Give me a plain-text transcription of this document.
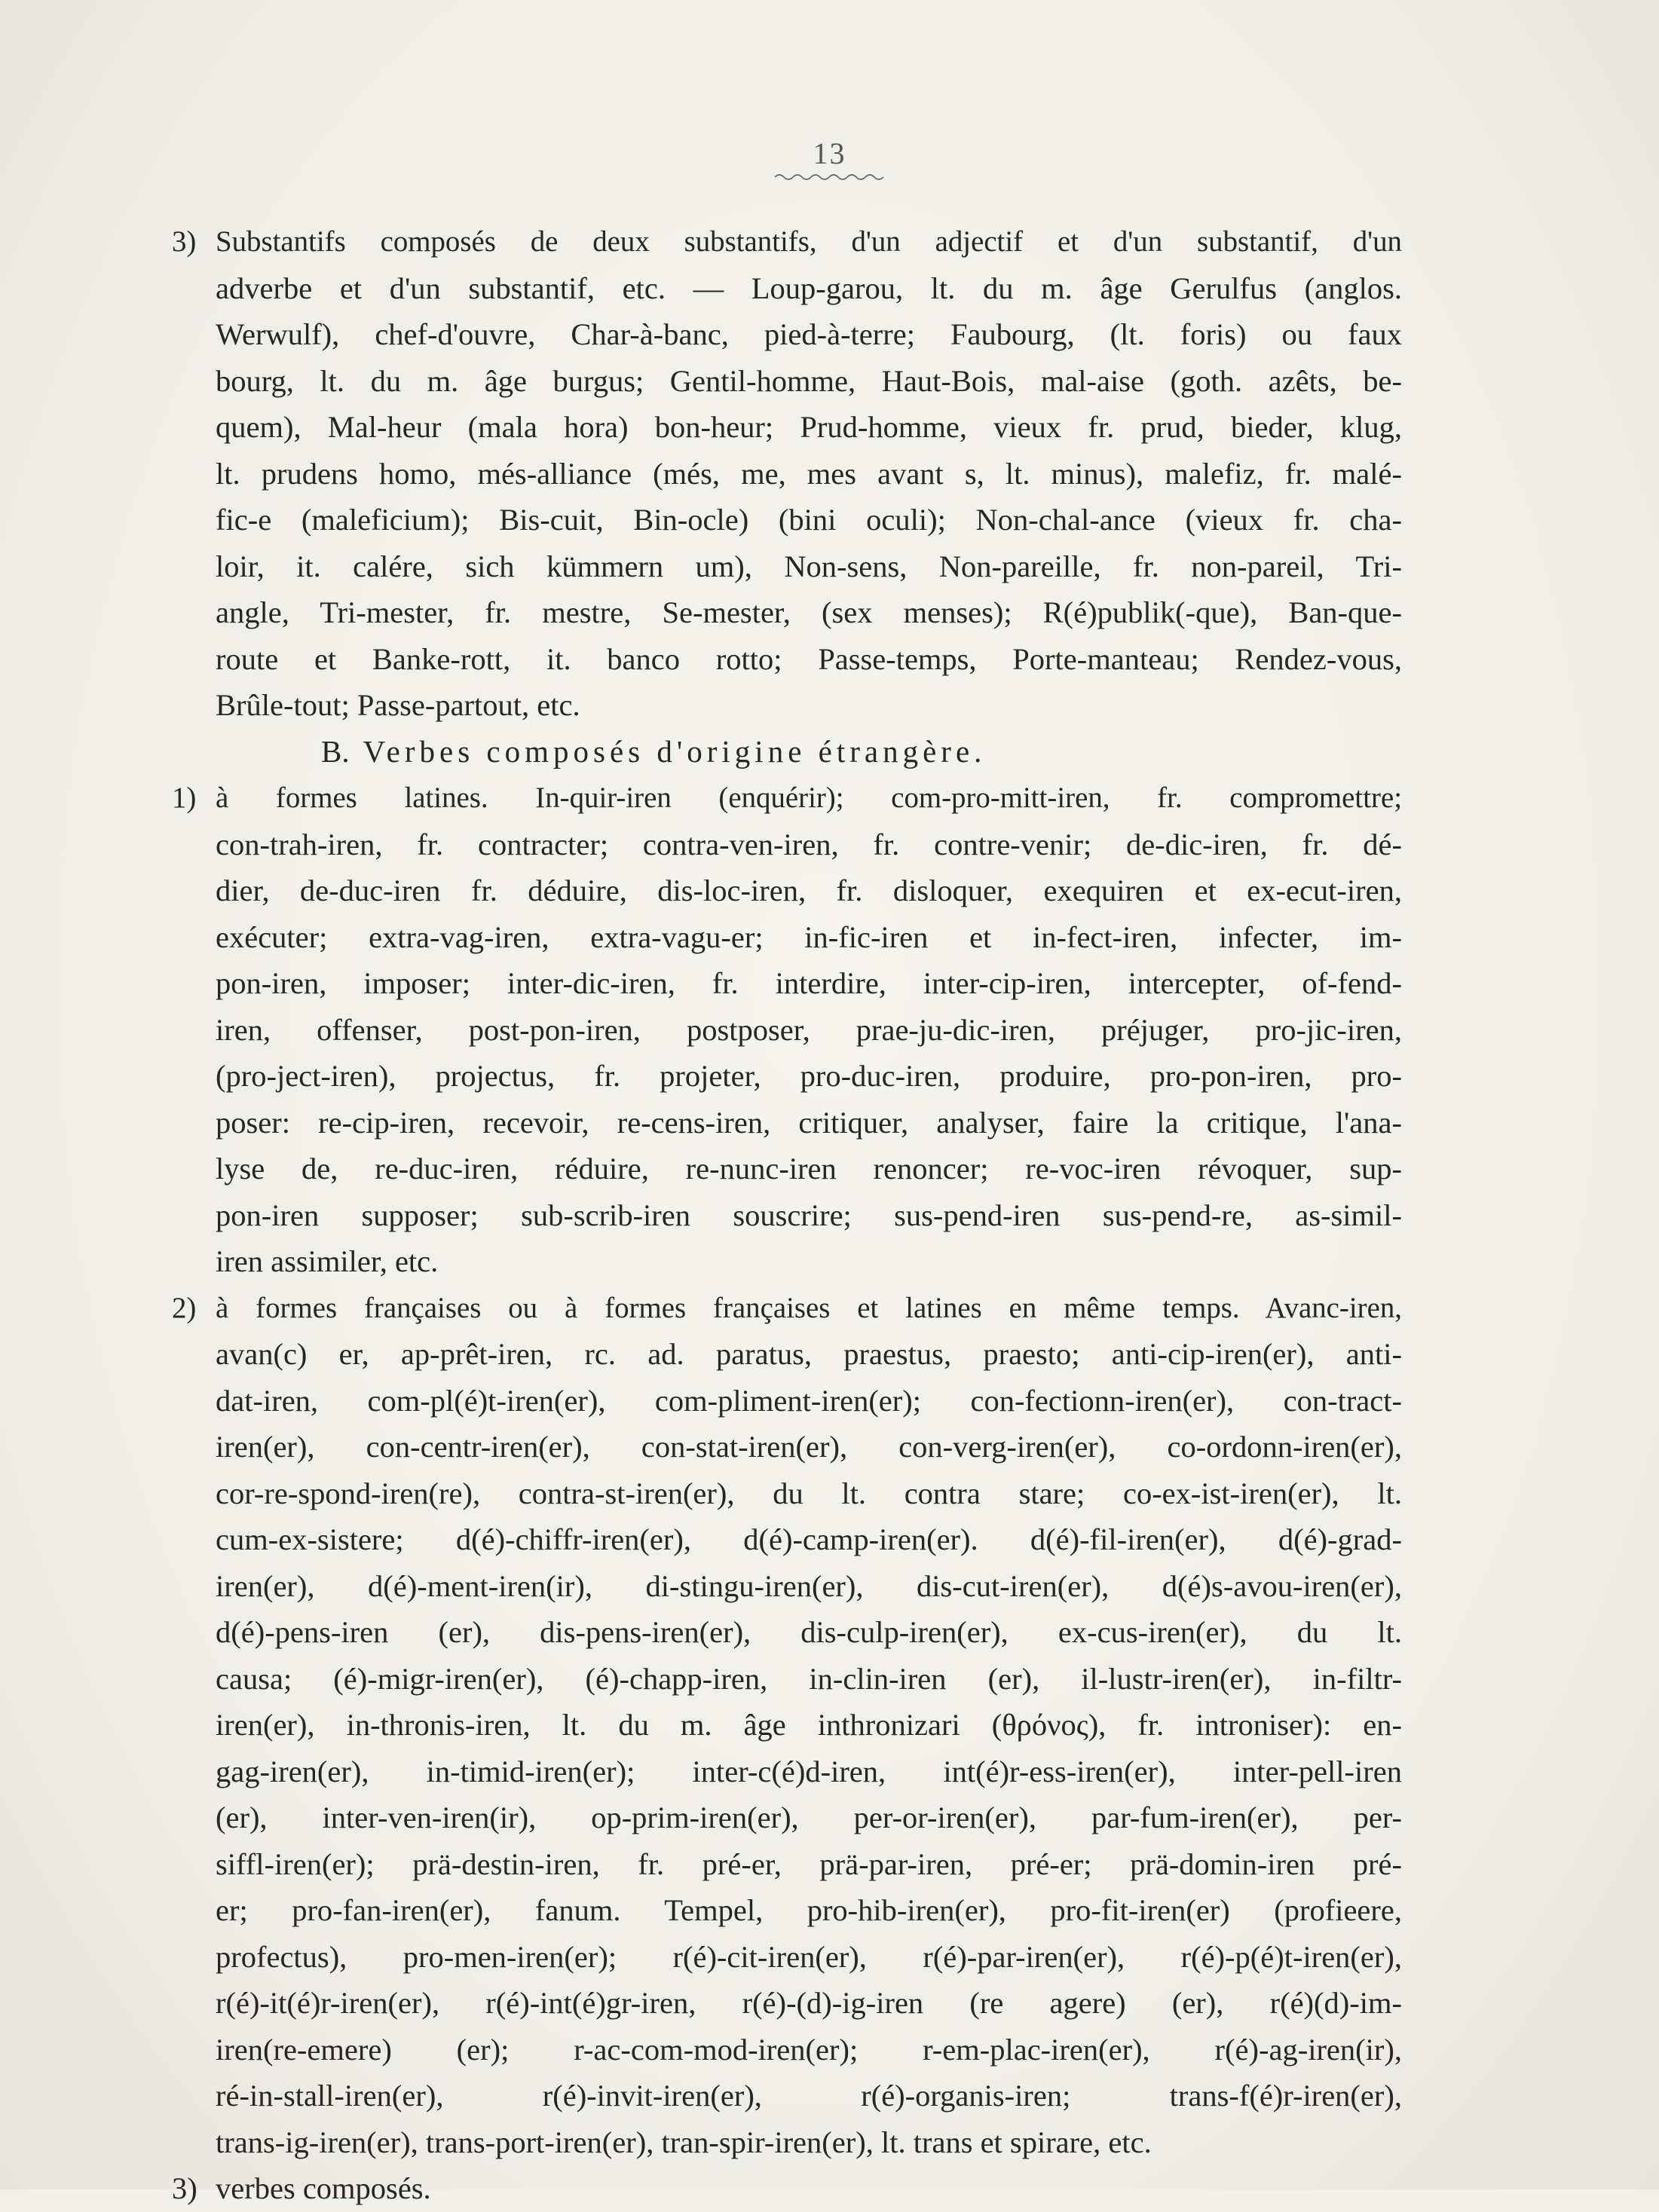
13
3) Substantifs composés de deux substantifs, d'un adjectif et d'un substantif, d'un
adverbe et d'un substantif, etc. — Loup-garou, lt. du m. âge Gerulfus (anglos.
Werwulf), chef-d'ouvre, Char-à-banc, pied-à-terre; Faubourg, (lt. foris) ou faux
bourg, lt. du m. âge burgus; Gentil-homme, Haut-Bois, mal-aise (goth. azêts, be-
quem), Mal-heur (mala hora) bon-heur; Prud-homme, vieux fr. prud, bieder, klug,
lt. prudens homo, més-alliance (més, me, mes avant s, lt. minus), malefiz, fr. malé-
fic-e (maleficium); Bis-cuit, Bin-ocle) (bini oculi); Non-chal-ance (vieux fr. cha-
loir, it. calére, sich kümmern um), Non-sens, Non-pareille, fr. non-pareil, Tri-
angle, Tri-mester, fr. mestre, Se-mester, (sex menses); R(é)publik(-que), Ban-que-
route et Banke-rott, it. banco rotto; Passe-temps, Porte-manteau; Rendez-vous,
Brûle-tout; Passe-partout, etc.
B. Verbes composés d'origine étrangère.
1) à formes latines. In-quir-iren (enquérir); com-pro-mitt-iren, fr. compromettre;
con-trah-iren, fr. contracter; contra-ven-iren, fr. contre-venir; de-dic-iren, fr. dé-
dier, de-duc-iren fr. déduire, dis-loc-iren, fr. disloquer, exequiren et ex-ecut-iren,
exécuter; extra-vag-iren, extra-vagu-er; in-fic-iren et in-fect-iren, infecter, im-
pon-iren, imposer; inter-dic-iren, fr. interdire, inter-cip-iren, intercepter, of-fend-
iren, offenser, post-pon-iren, postposer, prae-ju-dic-iren, préjuger, pro-jic-iren,
(pro-ject-iren), projectus, fr. projeter, pro-duc-iren, produire, pro-pon-iren, pro-
poser: re-cip-iren, recevoir, re-cens-iren, critiquer, analyser, faire la critique, l'ana-
lyse de, re-duc-iren, réduire, re-nunc-iren renoncer; re-voc-iren révoquer, sup-
pon-iren supposer; sub-scrib-iren souscrire; sus-pend-iren sus-pend-re, as-simil-
iren assimiler, etc.
2) à formes françaises ou à formes françaises et latines en même temps. Avanc-iren,
avan(c) er, ap-prêt-iren, rc. ad. paratus, praestus, praesto; anti-cip-iren(er), anti-
dat-iren, com-pl(é)t-iren(er), com-pliment-iren(er); con-fectionn-iren(er), con-tract-
iren(er), con-centr-iren(er), con-stat-iren(er), con-verg-iren(er), co-ordonn-iren(er),
cor-re-spond-iren(re), contra-st-iren(er), du lt. contra stare; co-ex-ist-iren(er), lt.
cum-ex-sistere; d(é)-chiffr-iren(er), d(é)-camp-iren(er). d(é)-fil-iren(er), d(é)-grad-
iren(er), d(é)-ment-iren(ir), di-stingu-iren(er), dis-cut-iren(er), d(é)s-avou-iren(er),
d(é)-pens-iren (er), dis-pens-iren(er), dis-culp-iren(er), ex-cus-iren(er), du lt.
causa; (é)-migr-iren(er), (é)-chapp-iren, in-clin-iren (er), il-lustr-iren(er), in-filtr-
iren(er), in-thronis-iren, lt. du m. âge inthronizari (θρόνος), fr. introniser): en-
gag-iren(er), in-timid-iren(er); inter-c(é)d-iren, int(é)r-ess-iren(er), inter-pell-iren
(er), inter-ven-iren(ir), op-prim-iren(er), per-or-iren(er), par-fum-iren(er), per-
siffl-iren(er); prä-destin-iren, fr. pré-er, prä-par-iren, pré-er; prä-domin-iren pré-
er; pro-fan-iren(er), fanum. Tempel, pro-hib-iren(er), pro-fit-iren(er) (profieere,
profectus), pro-men-iren(er); r(é)-cit-iren(er), r(é)-par-iren(er), r(é)-p(é)t-iren(er),
r(é)-it(é)r-iren(er), r(é)-int(é)gr-iren, r(é)-(d)-ig-iren (re agere) (er), r(é)(d)-im-
iren(re-emere) (er); r-ac-com-mod-iren(er); r-em-plac-iren(er), r(é)-ag-iren(ir),
ré-in-stall-iren(er), r(é)-invit-iren(er), r(é)-organis-iren; trans-f(é)r-iren(er),
trans-ig-iren(er), trans-port-iren(er), tran-spir-iren(er), lt. trans et spirare, etc.
3) verbes composés.
